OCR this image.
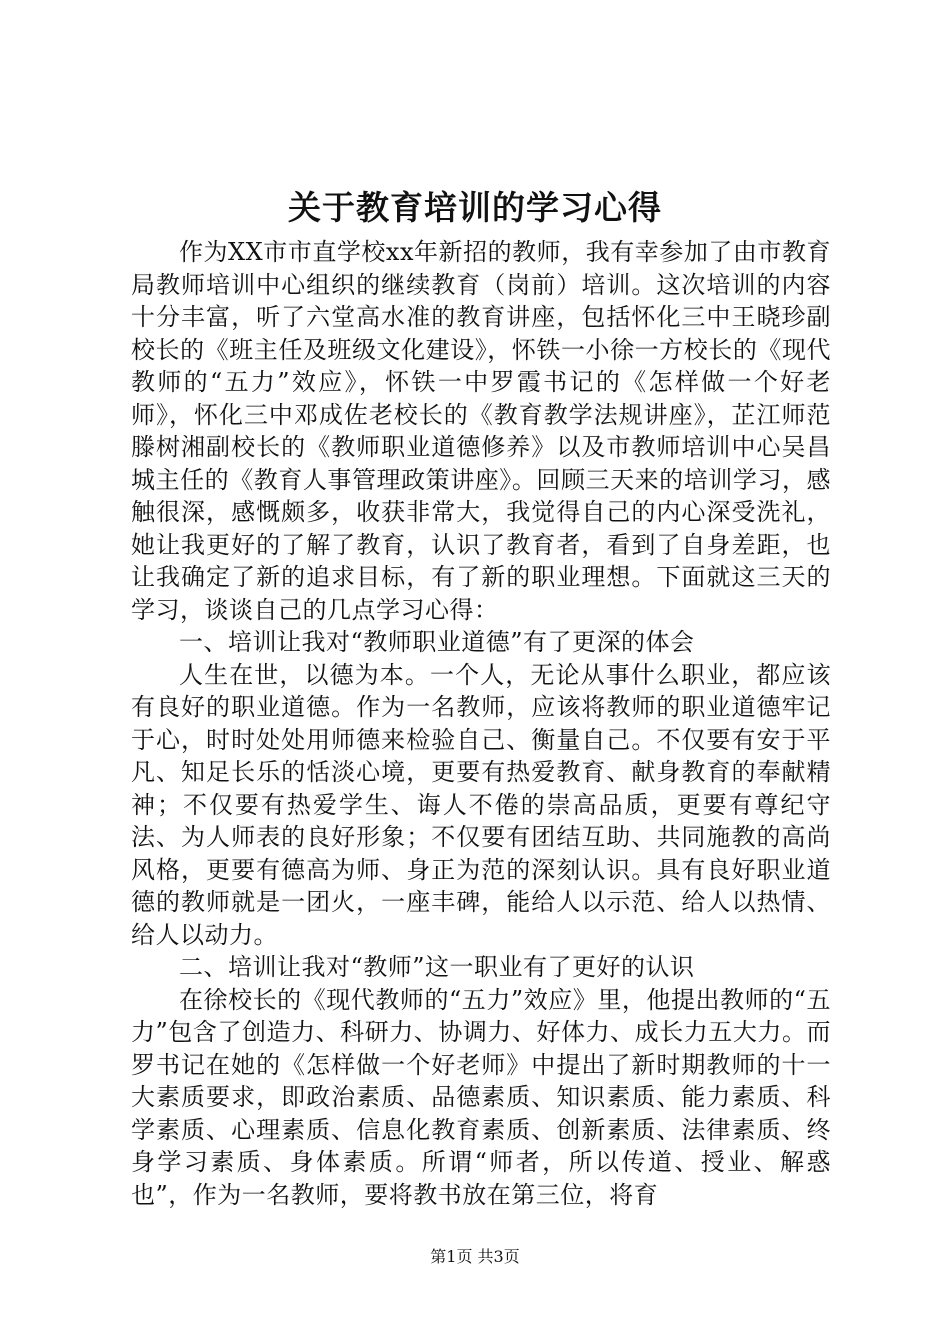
关于教育培训的学习心得

作为XX市市直学校xx年新招的教师，我有幸参加了由市教育局教师培训中心组织的继续教育（岗前）培训。这次培训的内容十分丰富，听了六堂高水准的教育讲座，包括怀化三中王晓珍副校长的《班主任及班级文化建设》，怀铁一小徐一方校长的《现代教师的“五力”效应》，怀铁一中罗霞书记的《怎样做一个好老师》，怀化三中邓成佐老校长的《教育教学法规讲座》，芷江师范滕树湘副校长的《教师职业道德修养》以及市教师培训中心吴昌城主任的《教育人事管理政策讲座》。回顾三天来的培训学习，感触很深，感慨颇多，收获非常大，我觉得自己的内心深受洗礼，她让我更好的了解了教育，认识了教育者，看到了自身差距，也让我确定了新的追求目标，有了新的职业理想。下面就这三天的学习，谈谈自己的几点学习心得：

一、培训让我对“教师职业道德”有了更深的体会

人生在世，以德为本。一个人，无论从事什么职业，都应该有良好的职业道德。作为一名教师，应该将教师的职业道德牢记于心，时时处处用师德来检验自己、衡量自己。不仅要有安于平凡、知足长乐的恬淡心境，更要有热爱教育、献身教育的奉献精神；不仅要有热爱学生、诲人不倦的崇高品质，更要有尊纪守法、为人师表的良好形象；不仅要有团结互助、共同施教的高尚风格，更要有德高为师、身正为范的深刻认识。具有良好职业道德的教师就是一团火，一座丰碑，能给人以示范、给人以热情、给人以动力。

二、培训让我对“教师”这一职业有了更好的认识

在徐校长的《现代教师的“五力”效应》里，他提出教师的“五力”包含了创造力、科研力、协调力、好体力、成长力五大力。而罗书记在她的《怎样做一个好老师》中提出了新时期教师的十一大素质要求，即政治素质、品德素质、知识素质、能力素质、科学素质、心理素质、信息化教育素质、创新素质、法律素质、终身学习素质、身体素质。所谓“师者，所以传道、授业、解惑也”，作为一名教师，要将教书放在第三位，将育

第1页 共3页
